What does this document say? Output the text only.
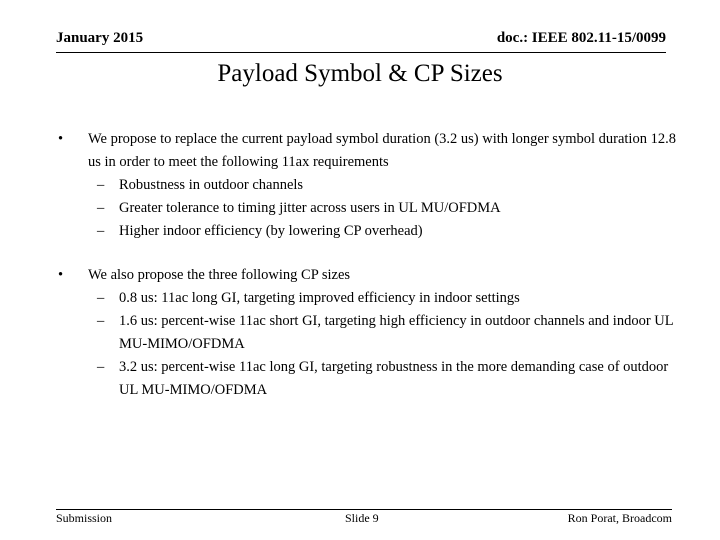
January 2015	doc.: IEEE 802.11-15/0099
Payload Symbol & CP Sizes
• We propose to replace the current payload symbol duration (3.2 us) with longer symbol duration 12.8 us in order to meet the following 11ax requirements
– Robustness in outdoor channels
– Greater tolerance to timing jitter across users in UL MU/OFDMA
– Higher indoor efficiency (by lowering CP overhead)
• We also propose the three following CP sizes
– 0.8 us: 11ac long GI, targeting improved efficiency in indoor settings
– 1.6 us: percent-wise 11ac short GI, targeting high efficiency in outdoor channels and indoor UL MU-MIMO/OFDMA
– 3.2 us: percent-wise 11ac long GI, targeting robustness in the more demanding case of outdoor UL MU-MIMO/OFDMA
Submission	Slide 9	Ron Porat, Broadcom
